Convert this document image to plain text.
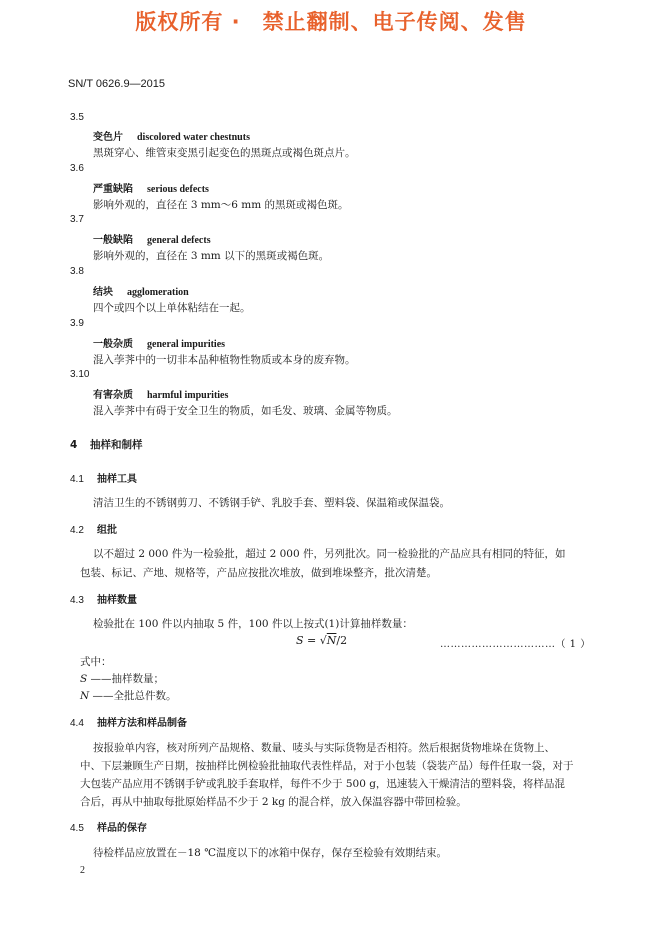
版权所有 ·　禁止翻制、电子传阅、发售
SN/T 0626.9—2015
3.5
变色片 discolored water chestnuts
黑斑穿心、维管束变黑引起变色的黑斑点或褐色斑点片。
3.6
严重缺陷 serious defects
影响外观的，直径在 3 mm～6 mm 的黑斑或褐色斑。
3.7
一般缺陷 general defects
影响外观的，直径在 3 mm 以下的黑斑或褐色斑。
3.8
结块 agglomeration
四个或四个以上单体粘结在一起。
3.9
一般杂质 general impurities
混入荸荠中的一切非本品种植物性物质或本身的废弃物。
3.10
有害杂质 harmful impurities
混入荸荠中有碍于安全卫生的物质，如毛发、玻璃、金属等物质。
4 抽样和制样
4.1 抽样工具
清洁卫生的不锈钢剪刀、不锈钢手铲、乳胶手套、塑料袋、保温箱或保温袋。
4.2 组批
以不超过 2 000 件为一检验批，超过 2 000 件，另列批次。同一检验批的产品应具有相同的特征，如
包装、标记、产地、规格等，产品应按批次堆放，做到堆垛整齐，批次清楚。
4.3 抽样数量
检验批在 100 件以内抽取 5 件，100 件以上按式(1)计算抽样数量：
S = √N/2	……………………………（ 1 ）
式中：
S ——抽样数量；
N ——全批总件数。
4.4 抽样方法和样品制备
按报验单内容，核对所列产品规格、数量、唛头与实际货物是否相符。然后根据货物堆垛在货物上、
中、下层兼顾生产日期，按抽样比例检验批抽取代表性样品，对于小包装（袋装产品）每件任取一袋，对于
大包装产品应用不锈钢手铲或乳胶手套取样，每件不少于 500 g，迅速装入干燥清洁的塑料袋，将样品混
合后，再从中抽取每批原始样品不少于 2 kg 的混合样，放入保温容器中带回检验。
4.5 样品的保存
待检样品应放置在－18 ℃温度以下的冰箱中保存，保存至检验有效期结束。
2
